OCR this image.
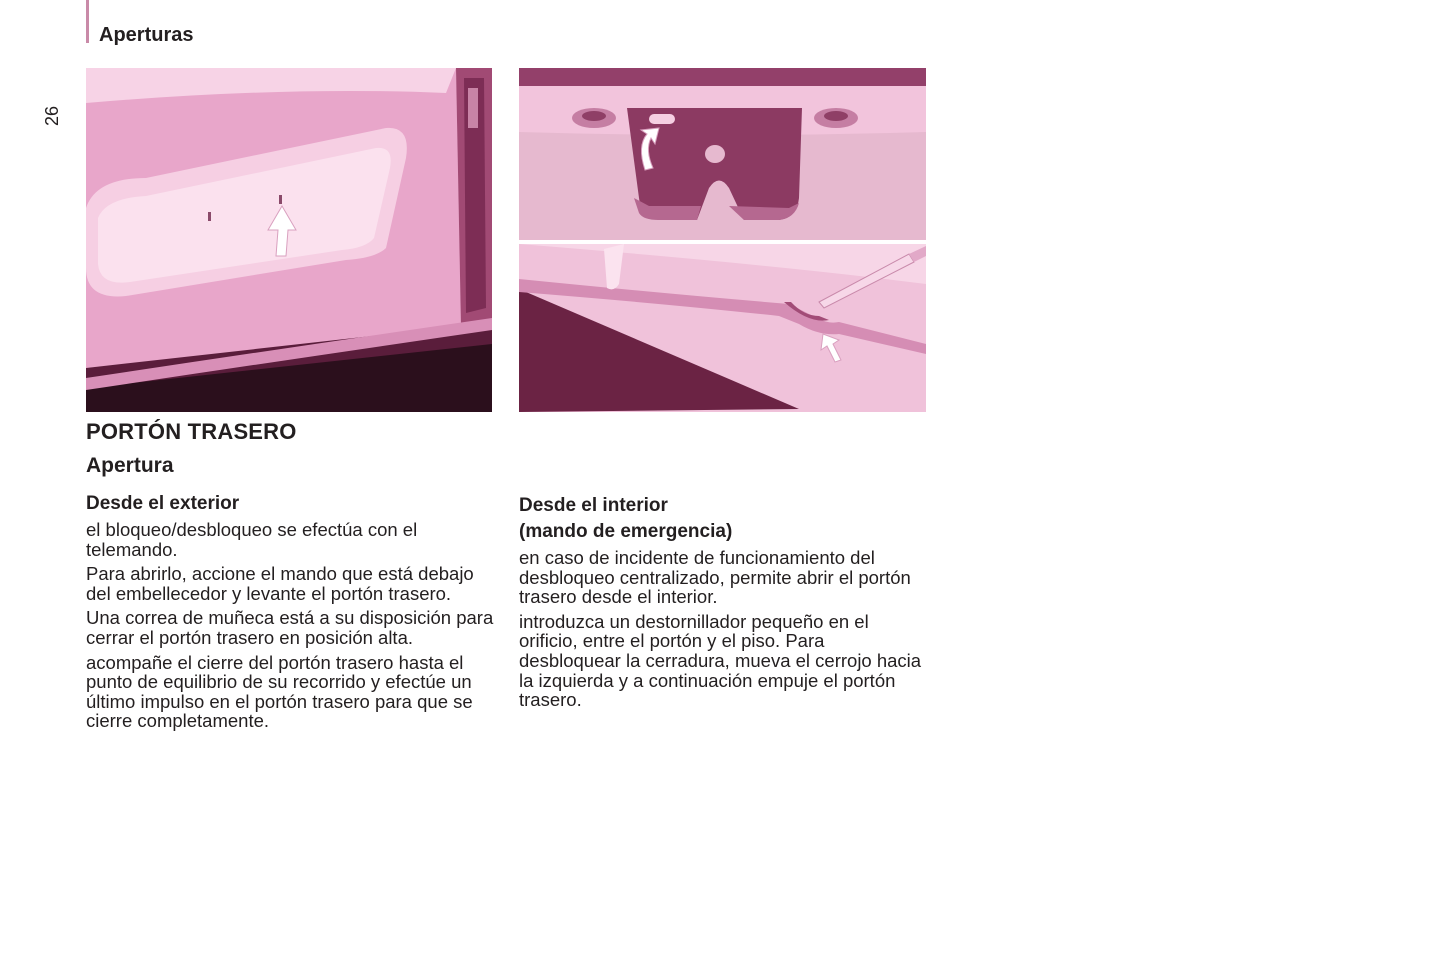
Aperturas
26
PORTÓN TRASERO
Apertura
Desde el exterior

el bloqueo/desbloqueo se efectúa con el telemando.

Para abrirlo, accione el mando que está debajo del embellecedor y levante el portón trasero.

Una correa de muñeca está a su disposición para cerrar el portón trasero en posición alta.

acompañe el cierre del portón trasero hasta el punto de equilibrio de su recorrido y efectúe un último impulso en el portón trasero para que se cierre completamente.

Desde el interior
(mando de emergencia)

en caso de incidente de funcionamiento del desbloqueo centralizado, permite abrir el portón trasero desde el interior.

introduzca un destornillador pequeño en el orificio, entre el portón y el piso. Para desbloquear la cerradura, mueva el cerrojo hacia la izquierda y a continuación empuje el portón trasero.
